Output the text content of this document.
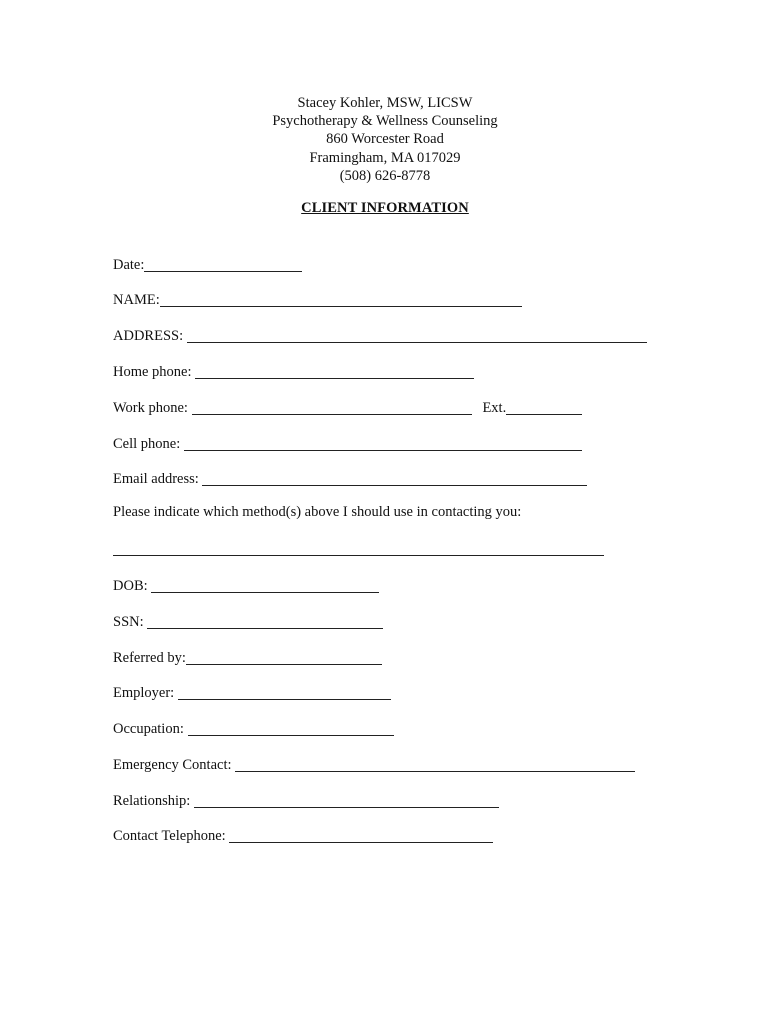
Stacey Kohler, MSW, LICSW
Psychotherapy & Wellness Counseling
860 Worcester Road
Framingham, MA 017029
(508) 626-8778
CLIENT INFORMATION
Date:
NAME:
ADDRESS:
Home phone:
Work phone:	Ext.
Cell phone:
Email address:
Please indicate which method(s) above I should use in contacting you:
DOB:
SSN:
Referred by:
Employer:
Occupation:
Emergency Contact:
Relationship:
Contact Telephone:
